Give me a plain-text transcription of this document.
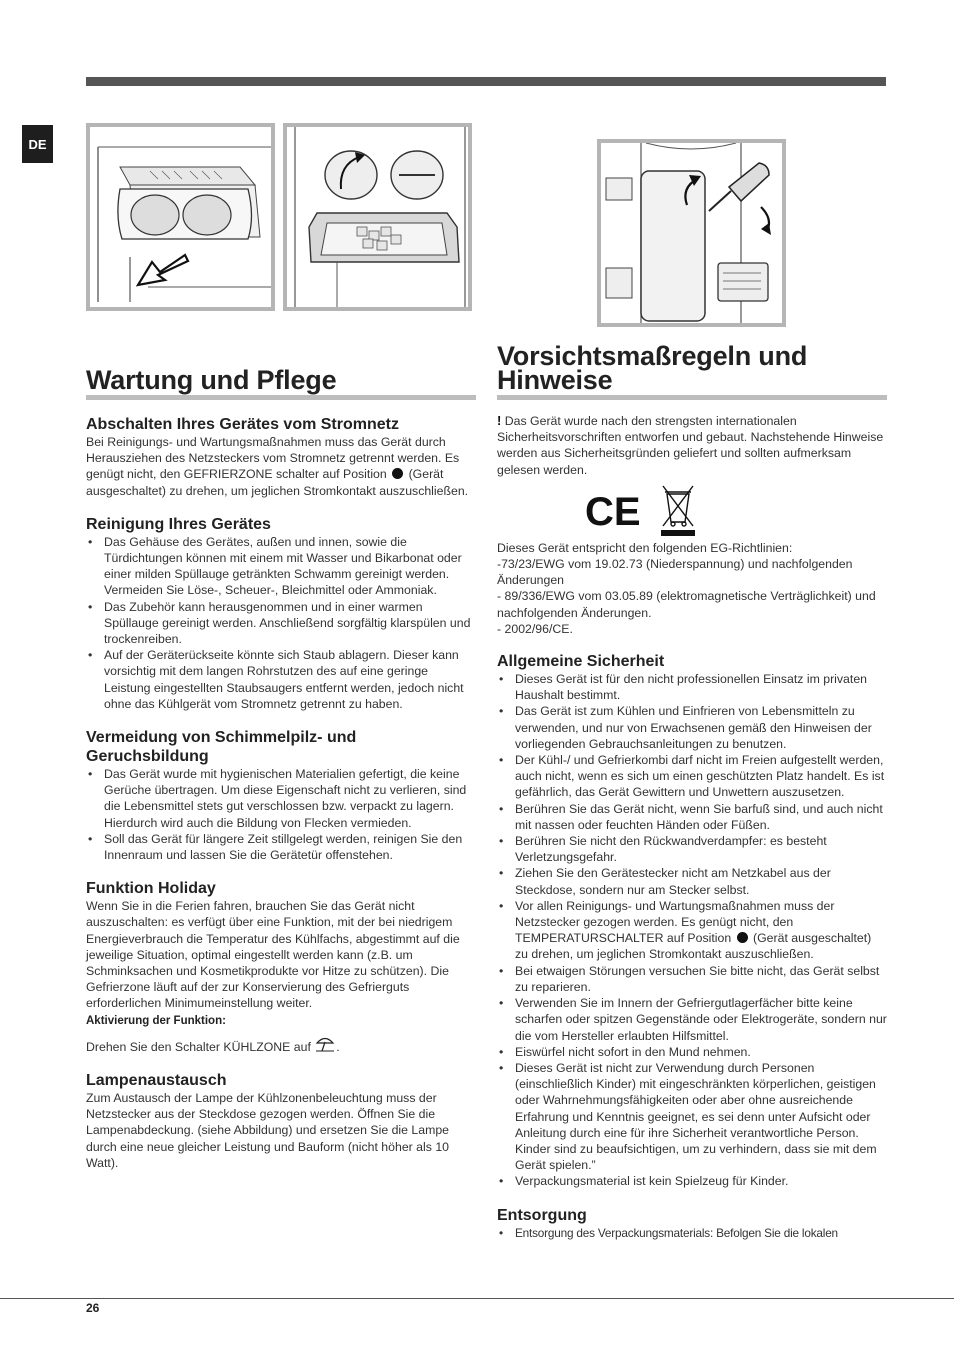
DE
Wartung und Pflege
Abschalten Ihres Gerätes vom Stromnetz

Bei Reinigungs- und Wartungsmaßnahmen muss das Gerät durch Herausziehen des Netzsteckers vom Stromnetz getrennt werden. Es genügt nicht, den GEFRIERZONE schalter auf Position (Gerät ausgeschaltet) zu drehen, um jeglichen Stromkontakt auszuschließen.

Reinigung Ihres Gerätes
• Das Gehäuse des Gerätes, außen und innen, sowie die Türdichtungen können mit einem mit Wasser und Bikarbonat oder einer milden Spüllauge getränkten Schwamm gereinigt werden. Vermeiden Sie Löse-, Scheuer-, Bleichmittel oder Ammoniak.
• Das Zubehör kann herausgenommen und in einer warmen Spüllauge gereinigt werden. Anschließend sorgfältig klarspülen und trockenreiben.
• Auf der Geräterückseite könnte sich Staub ablagern. Dieser kann vorsichtig mit dem langen Rohrstutzen des auf eine geringe Leistung eingestellten Staubsaugers entfernt werden, jedoch nicht ohne das Kühlgerät vom Stromnetz getrennt zu haben.
Vermeidung von Schimmelpilz- und Geruchsbildung
• Das Gerät wurde mit hygienischen Materialien gefertigt, die keine Gerüche übertragen. Um diese Eigenschaft nicht zu verlieren, sind die Lebensmittel stets gut verschlossen bzw. verpackt zu lagern. Hierdurch wird auch die Bildung von Flecken vermieden.
• Soll das Gerät für längere Zeit stillgelegt werden, reinigen Sie den Innenraum und lassen Sie die Gerätetür offenstehen.
Funktion Holiday

Wenn Sie in die Ferien fahren, brauchen Sie das Gerät nicht auszuschalten: es verfügt über eine Funktion, mit der bei niedrigem Energieverbrauch die Temperatur des Kühlfachs, abgestimmt auf die jeweilige Situation, optimal eingestellt werden kann (z.B. um Schminksachen und Kosmetikprodukte vor Hitze zu schützen). Die Gefrierzone läuft auf der zur Konservierung des Gefrierguts erforderlichen Minimumeinstellung weiter.

Aktivierung der Funktion:

Drehen Sie den Schalter KÜHLZONE auf .

Lampenaustausch

Zum Austausch der Lampe der Kühlzonenbeleuchtung muss der Netzstecker aus der Steckdose gezogen werden. Öffnen Sie die Lampenabdeckung. (siehe Abbildung) und ersetzen Sie die Lampe durch eine neue gleicher Leistung und Bauform (nicht höher als 10 Watt).

Vorsichtsmaßregeln und Hinweise

! Das Gerät wurde nach den strengsten internationalen Sicherheitsvorschriften entworfen und gebaut. Nachstehende Hinweise werden aus Sicherheitsgründen geliefert und sollten aufmerksam gelesen werden.

CE

Dieses Gerät entspricht den folgenden EG-Richtlinien:

-73/23/EWG vom 19.02.73 (Niederspannung) und nachfolgenden Änderungen

- 89/336/EWG vom 03.05.89 (elektromagnetische Verträglichkeit) und nachfolgenden Änderungen.

- 2002/96/CE.

Allgemeine Sicherheit
• Dieses Gerät ist für den nicht professionellen Einsatz im privaten Haushalt bestimmt.
• Das Gerät ist zum Kühlen und Einfrieren von Lebensmitteln zu verwenden, und nur von Erwachsenen gemäß den Hinweisen der vorliegenden Gebrauchsanleitungen zu benutzen.
• Der Kühl-/ und Gefrierkombi darf nicht im Freien aufgestellt werden, auch nicht, wenn es sich um einen geschützten Platz handelt. Es ist gefährlich, das Gerät Gewittern und Unwettern auszusetzen.
• Berühren Sie das Gerät nicht, wenn Sie barfuß sind, und auch nicht mit nassen oder feuchten Händen oder Füßen.
• Berühren Sie nicht den Rückwandverdampfer: es besteht Verletzungsgefahr.
• Ziehen Sie den Gerätestecker nicht am Netzkabel aus der Steckdose, sondern nur am Stecker selbst.
• Vor allen Reinigungs- und Wartungsmaßnahmen muss der Netzstecker gezogen werden. Es genügt nicht, den TEMPERATURSCHALTER auf Position (Gerät ausgeschaltet) zu drehen, um jeglichen Stromkontakt auszuschließen.
• Bei etwaigen Störungen versuchen Sie bitte nicht, das Gerät selbst zu reparieren.
• Verwenden Sie im Innern der Gefriergutlagerfächer bitte keine scharfen oder spitzen Gegenstände oder Elektrogeräte, sondern nur die vom Hersteller erlaubten Hilfsmittel.
• Eiswürfel nicht sofort in den Mund nehmen.
• Dieses Gerät ist nicht zur Verwendung durch Personen (einschließlich Kinder) mit eingeschränkten körperlichen, geistigen oder Wahrnehmungsfähigkeiten oder aber ohne ausreichende Erfahrung und Kenntnis geeignet, es sei denn unter Aufsicht oder Anleitung durch eine für ihre Sicherheit verantwortliche Person. Kinder sind zu beaufsichtigen, um zu verhindern, dass sie mit dem Gerät spielen.”
• Verpackungsmaterial ist kein Spielzeug für Kinder.
Entsorgung
• Entsorgung des Verpackungsmaterials: Befolgen Sie die lokalen
26
